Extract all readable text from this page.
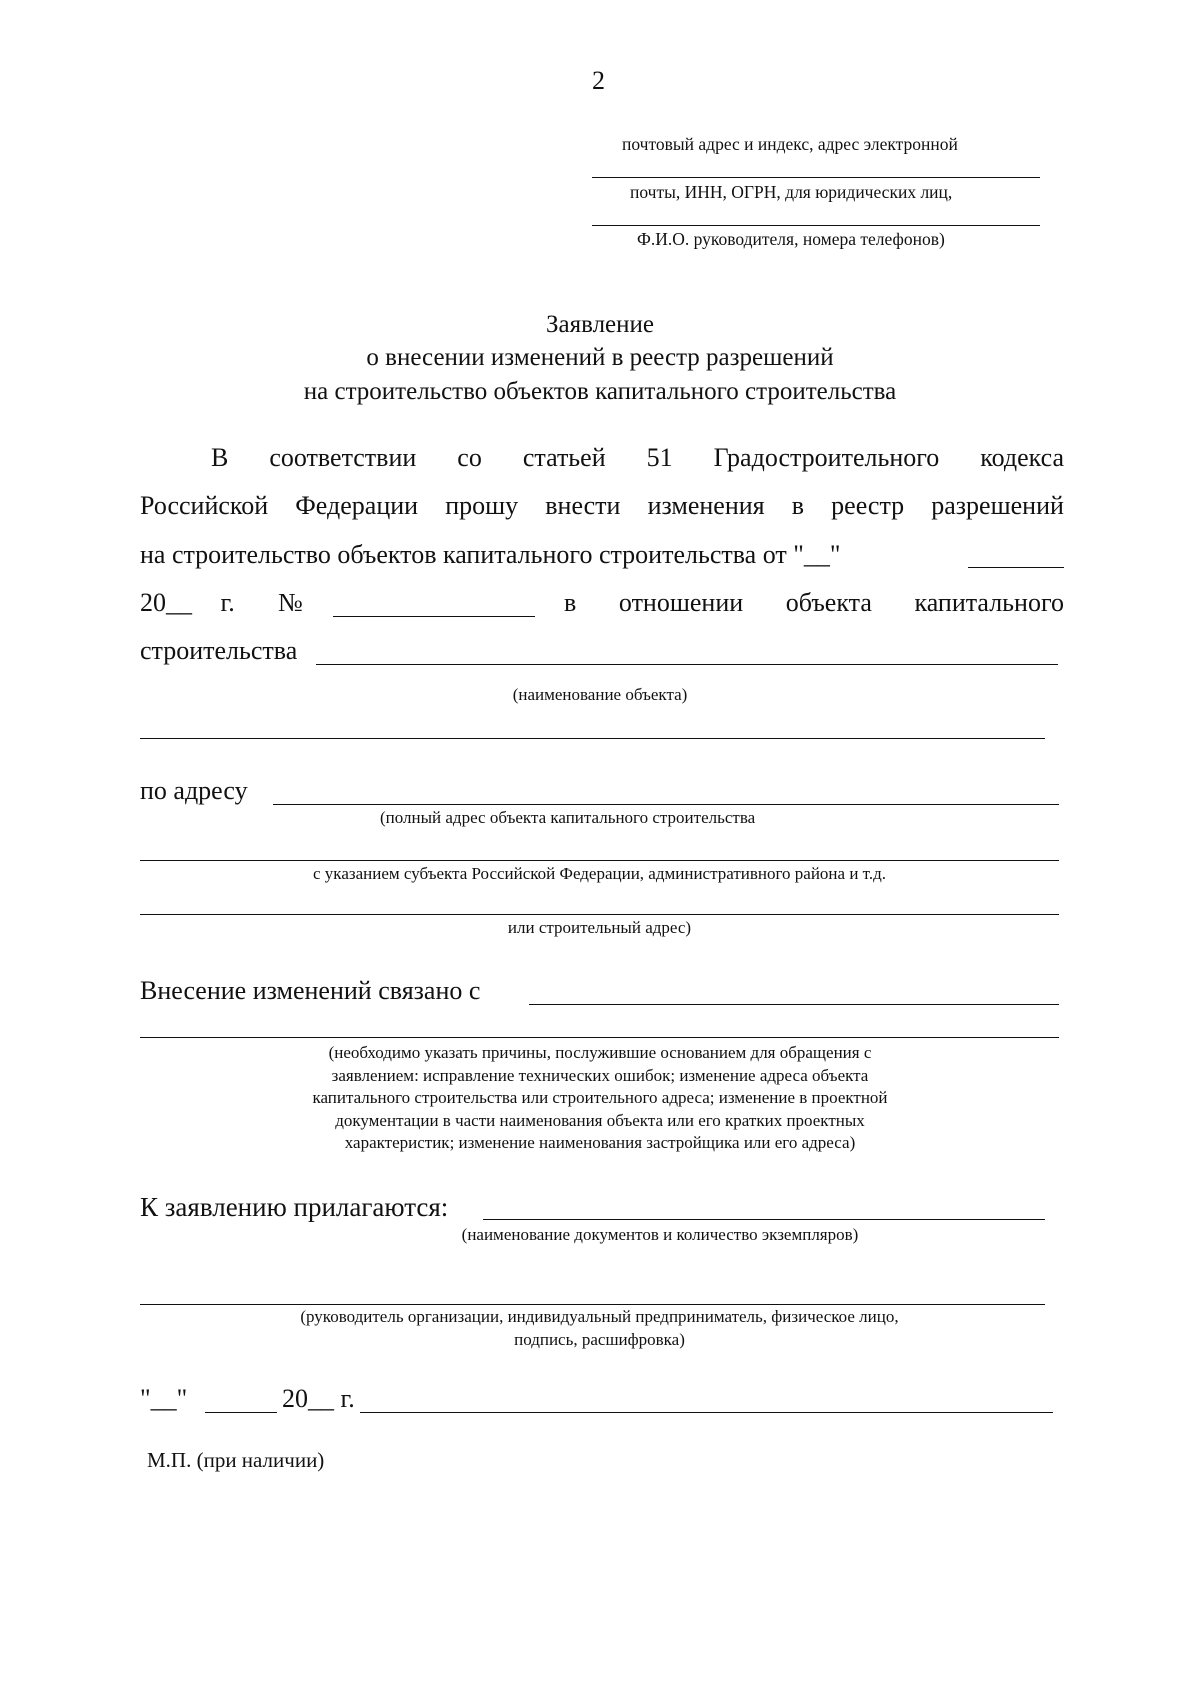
2
почтовый адрес и индекс, адрес электронной
почты, ИНН, ОГРН, для юридических лиц,
Ф.И.О. руководителя, номера телефонов)
Заявление
о внесении изменений в реестр разрешений
на строительство объектов капитального строительства
В соответствии со статьей 51 Градостроительного кодекса
Российской Федерации прошу внести изменения в реестр разрешений
на строительство объектов капитального строительства от "__"
20__ г. №	в отношении объекта капитального
строительства
(наименование объекта)
по адресу
(полный адрес объекта капитального строительства
с указанием субъекта Российской Федерации, административного района и т.д.
или строительный адрес)
Внесение изменений связано с
(необходимо указать причины, послужившие основанием для обращения с
заявлением: исправление технических ошибок; изменение адреса объекта
капитального строительства или строительного адреса; изменение в проектной
документации в части наименования объекта или его кратких проектных
характеристик; изменение наименования застройщика или его адреса)
К заявлению прилагаются:
(наименование документов и количество экземпляров)
(руководитель организации, индивидуальный предприниматель, физическое лицо,
подпись, расшифровка)
"__"	20__ г.
М.П. (при наличии)
